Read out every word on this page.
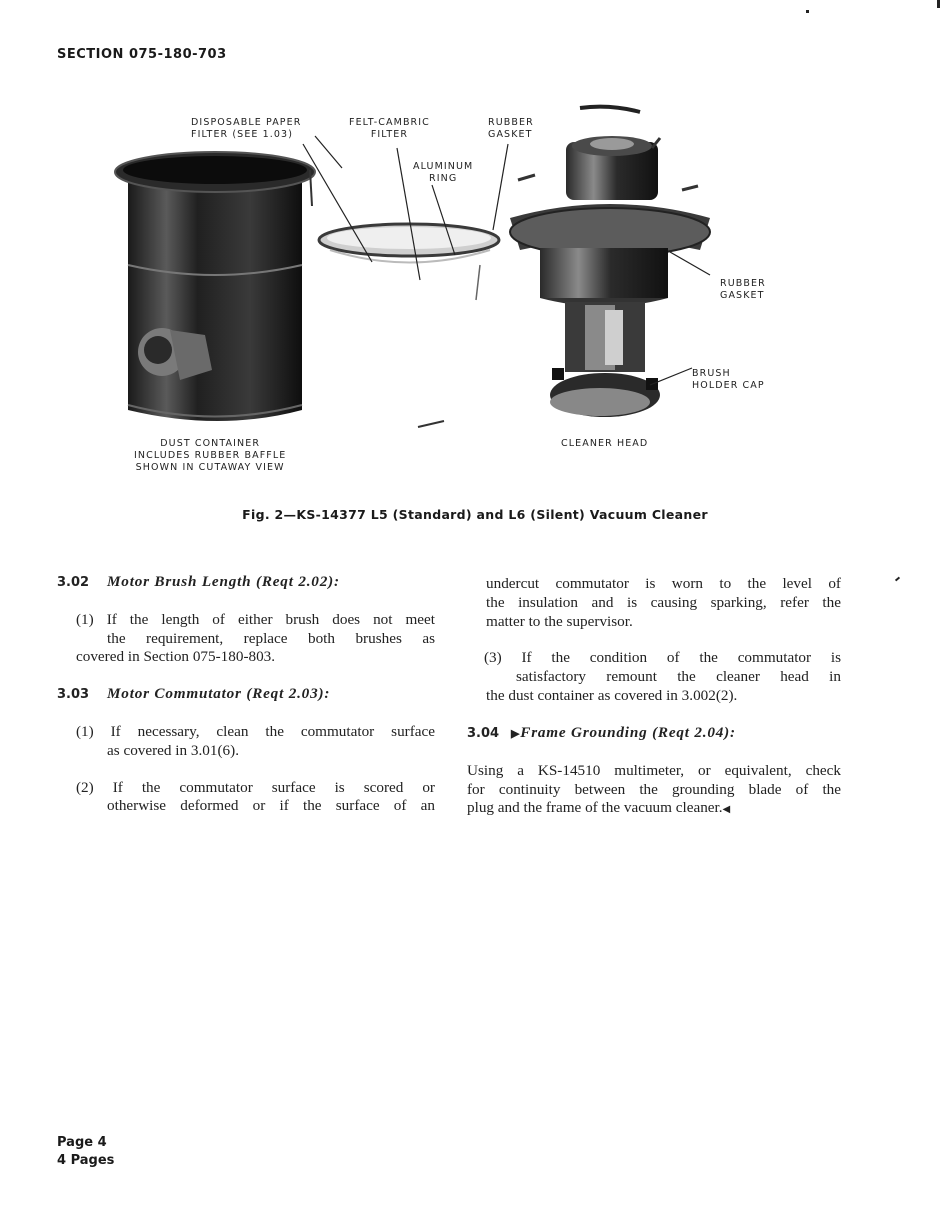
SECTION 075-180-703
DISPOSABLE PAPER
FILTER (SEE 1.03)
FELT-CAMBRIC
FILTER
RUBBER
GASKET
ALUMINUM
RING
RUBBER
GASKET
BRUSH
HOLDER CAP
DUST CONTAINER
INCLUDES RUBBER BAFFLE
SHOWN IN CUTAWAY VIEW
CLEANER HEAD
Fig. 2—KS-14377 L5 (Standard) and L6 (Silent) Vacuum Cleaner

3.02 Motor Brush Length (Reqt 2.02):

(1) If the length of either brush does not meet

the requirement, replace both brushes as

covered in Section 075-180-803.

3.03 Motor Commutator (Reqt 2.03):

(1) If necessary, clean the commutator surface

as covered in 3.01(6).

(2) If the commutator surface is scored or

otherwise deformed or if the surface of an

undercut commutator is worn to the level of

the insulation and is causing sparking, refer the

matter to the supervisor.

(3) If the condition of the commutator is

satisfactory remount the cleaner head in

the dust container as covered in 3.002(2).

3.04 ▶Frame Grounding (Reqt 2.04):

Using a KS-14510 multimeter, or equivalent, check

for continuity between the grounding blade of the

plug and the frame of the vacuum cleaner.◀

Page 4
4 Pages
